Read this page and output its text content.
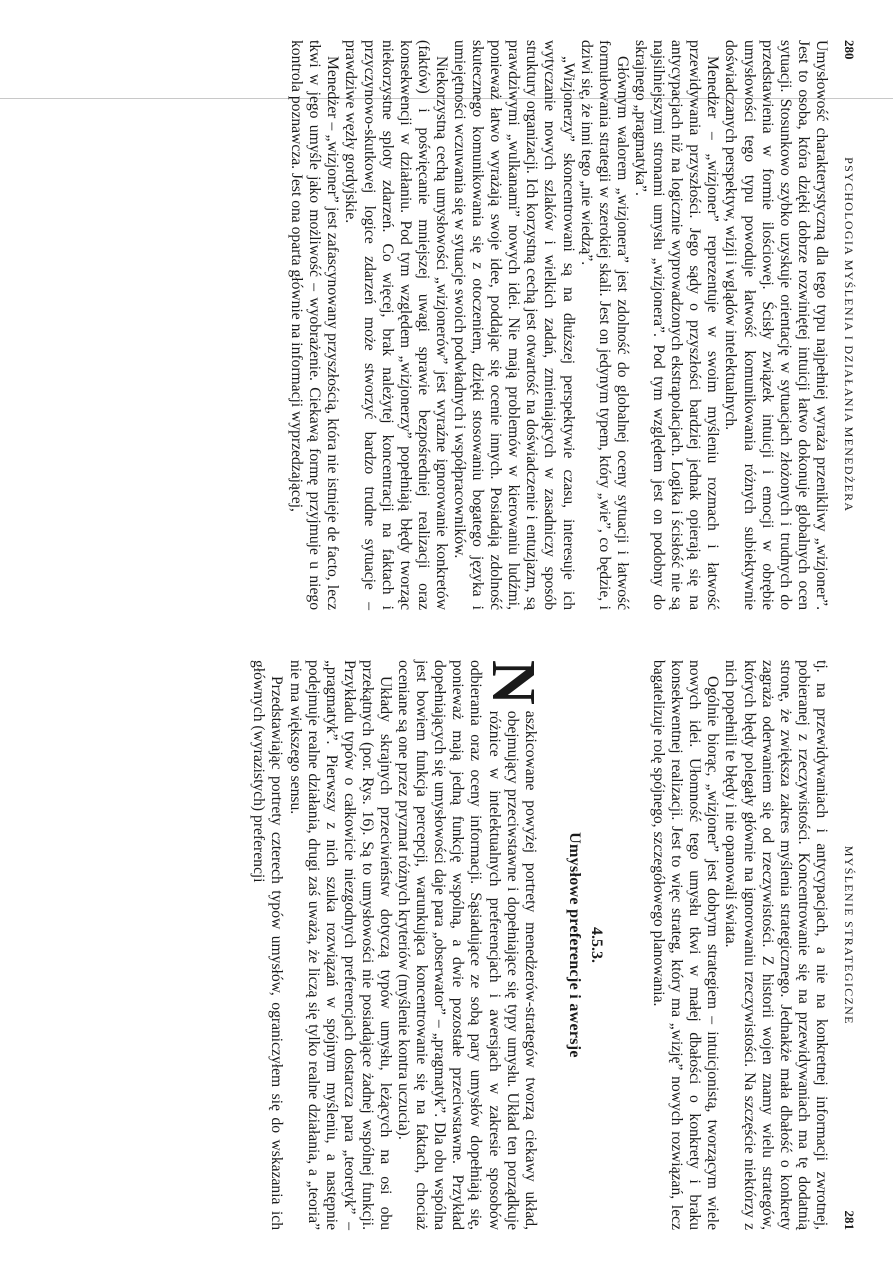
280
PSYCHOLOGIA MYŚLENIA I DZIAŁANIA MENEDŻERA

Umysłowość charakterystyczną dla tego typu najpełniej wyraża przenikliwy „wizjoner”. Jest to osoba, która dzięki dobrze rozwiniętej intuicji łatwo dokonuje globalnych ocen sytuacji. Stosunkowo szybko uzyskuje orientację w sytuacjach złożonych i trudnych do przedstawienia w formie ilościowej. Ścisły związek intuicji i emocji w obrębie umysłowości tego typu powoduje łatwość komunikowania różnych subiektywnie doświadczanych perspektyw, wizji i wglądów intelektualnych.

Menedżer – „wizjoner” reprezentuje w swoim myśleniu rozmach i łatwość przewidywania przyszłości. Jego sądy o przyszłości bardziej jednak opierają się na antycypacjach niż na logicznie wyprowadzonych ekstrapolacjach. Logika i ścisłość nie są najsilniejszymi stronami umysłu „wizjonera”. Pod tym względem jest on podobny do skrajnego „pragmatyka”.

Głównym walorem „wizjonera” jest zdolność do globalnej oceny sytuacji i łatwość formułowania strategii w szerokiej skali. Jest on jedynym typem, który „wie”, co będzie, i dziwi się, że inni tego „nie wiedzą”.

„Wizjonerzy” skoncentrowani są na dłuższej perspektywie czasu, interesuje ich wytyczanie nowych szlaków i wielkich zadań, zmieniających w zasadniczy sposób struktury organizacji. Ich korzystną cechą jest otwartość na doświadczenie i entuzjazm, są prawdziwymi „wulkanami” nowych idei. Nie mają problemów w kierowaniu ludźmi, ponieważ łatwo wyrażają swoje idee, poddając się ocenie innych. Posiadają zdolność skutecznego komunikowania się z otoczeniem, dzięki stosowaniu bogatego języka i umiejętności wczuwania się w sytuacje swoich podwładnych i współpracowników.

Niekorzystną cechą umysłowości „wizjonerów” jest wyraźne ignorowanie konkretów (faktów) i poświęcanie mniejszej uwagi sprawie bezpośredniej realizacji oraz konsekwencji w działaniu. Pod tym względem „wizjonerzy” popełniają błędy tworząc niekorzystne sploty zdarzeń. Co więcej, brak należytej koncentracji na faktach i przyczynowo-skutkowej logice zdarzeń może stworzyć bardzo trudne sytuacje – prawdziwe węzły gordyjskie.

Menedżer – „wizjoner” jest zafascynowany przyszłością, która nie istnieje de facto, lecz tkwi w jego umyśle jako możliwość – wyobrażenie. Ciekawą formę przyjmuje u niego kontrola poznawcza. Jest ona oparta głównie na informacji wyprzedzającej,

MYŚLENIE STRATEGICZNE
281

tj. na przewidywaniach i antycypacjach, a nie na konkretnej informacji zwrotnej, pobieranej z rzeczywistości. Koncentrowanie się na przewidywaniach ma tę dodatnią stronę, że zwiększa zakres myślenia strategicznego. Jednakże mała dbałość o konkrety zagraża oderwaniem się od rzeczywistości. Z historii wojen znamy wielu strategów, których błędy polegały głównie na ignorowaniu rzeczywistości. Na szczęście niektórzy z nich popełnili te błędy i nie opanowali świata.

Ogólnie biorąc, „wizjoner” jest dobrym strategiem – intuicjonistą, tworzącym wiele nowych idei. Ułomność tego umysłu tkwi w małej dbałości o konkrety i braku konsekwentnej realizacji. Jest to więc strateg, który ma „wizję” nowych rozwiązań, lecz bagatelizuje rolę spójnego, szczegółowego planowania.

4.5.3.
Umysłowe preferencje i awersje

N
aszkicowane powyżej portrety menedżerów-strategów tworzą ciekawy układ, obejmujący przeciwstawne i dopełniające się typy umysłu. Układ ten porządkuje różnice w intelektualnych preferencjach i awersjach w zakresie sposobów odbierania oraz oceny informacji. Sąsiadujące ze sobą pary umysłów dopełniają się, ponieważ mają jedną funkcję wspólną, a dwie pozostałe przeciwstawne. Przykład dopełniających się umysłowości daje para „obserwator” – „pragmatyk”. Dla obu wspólna jest bowiem funkcja percepcji, warunkująca koncentrowanie się na faktach, chociaż oceniane są one przez pryzmat różnych kryteriów (myślenie kontra uczucia).

Układy skrajnych przeciwieństw dotyczą typów umysłu, leżących na osi obu przekątnych (por. Rys. 16). Są to umysłowości nie posiadające żadnej wspólnej funkcji. Przykładu typów o całkowicie niezgodnych preferencjach dostarcza para „teoretyk” – „pragmatyk”. Pierwszy z nich szuka rozwiązań w spójnym myśleniu, a następnie podejmuje realne działania, drugi zaś uważa, że liczą się tylko realne działania, a „teoria” nie ma większego sensu.

Przedstawiając portrety czterech typów umysłów, ograniczyłem się do wskazania ich głównych (wyrazistych) preferencji
